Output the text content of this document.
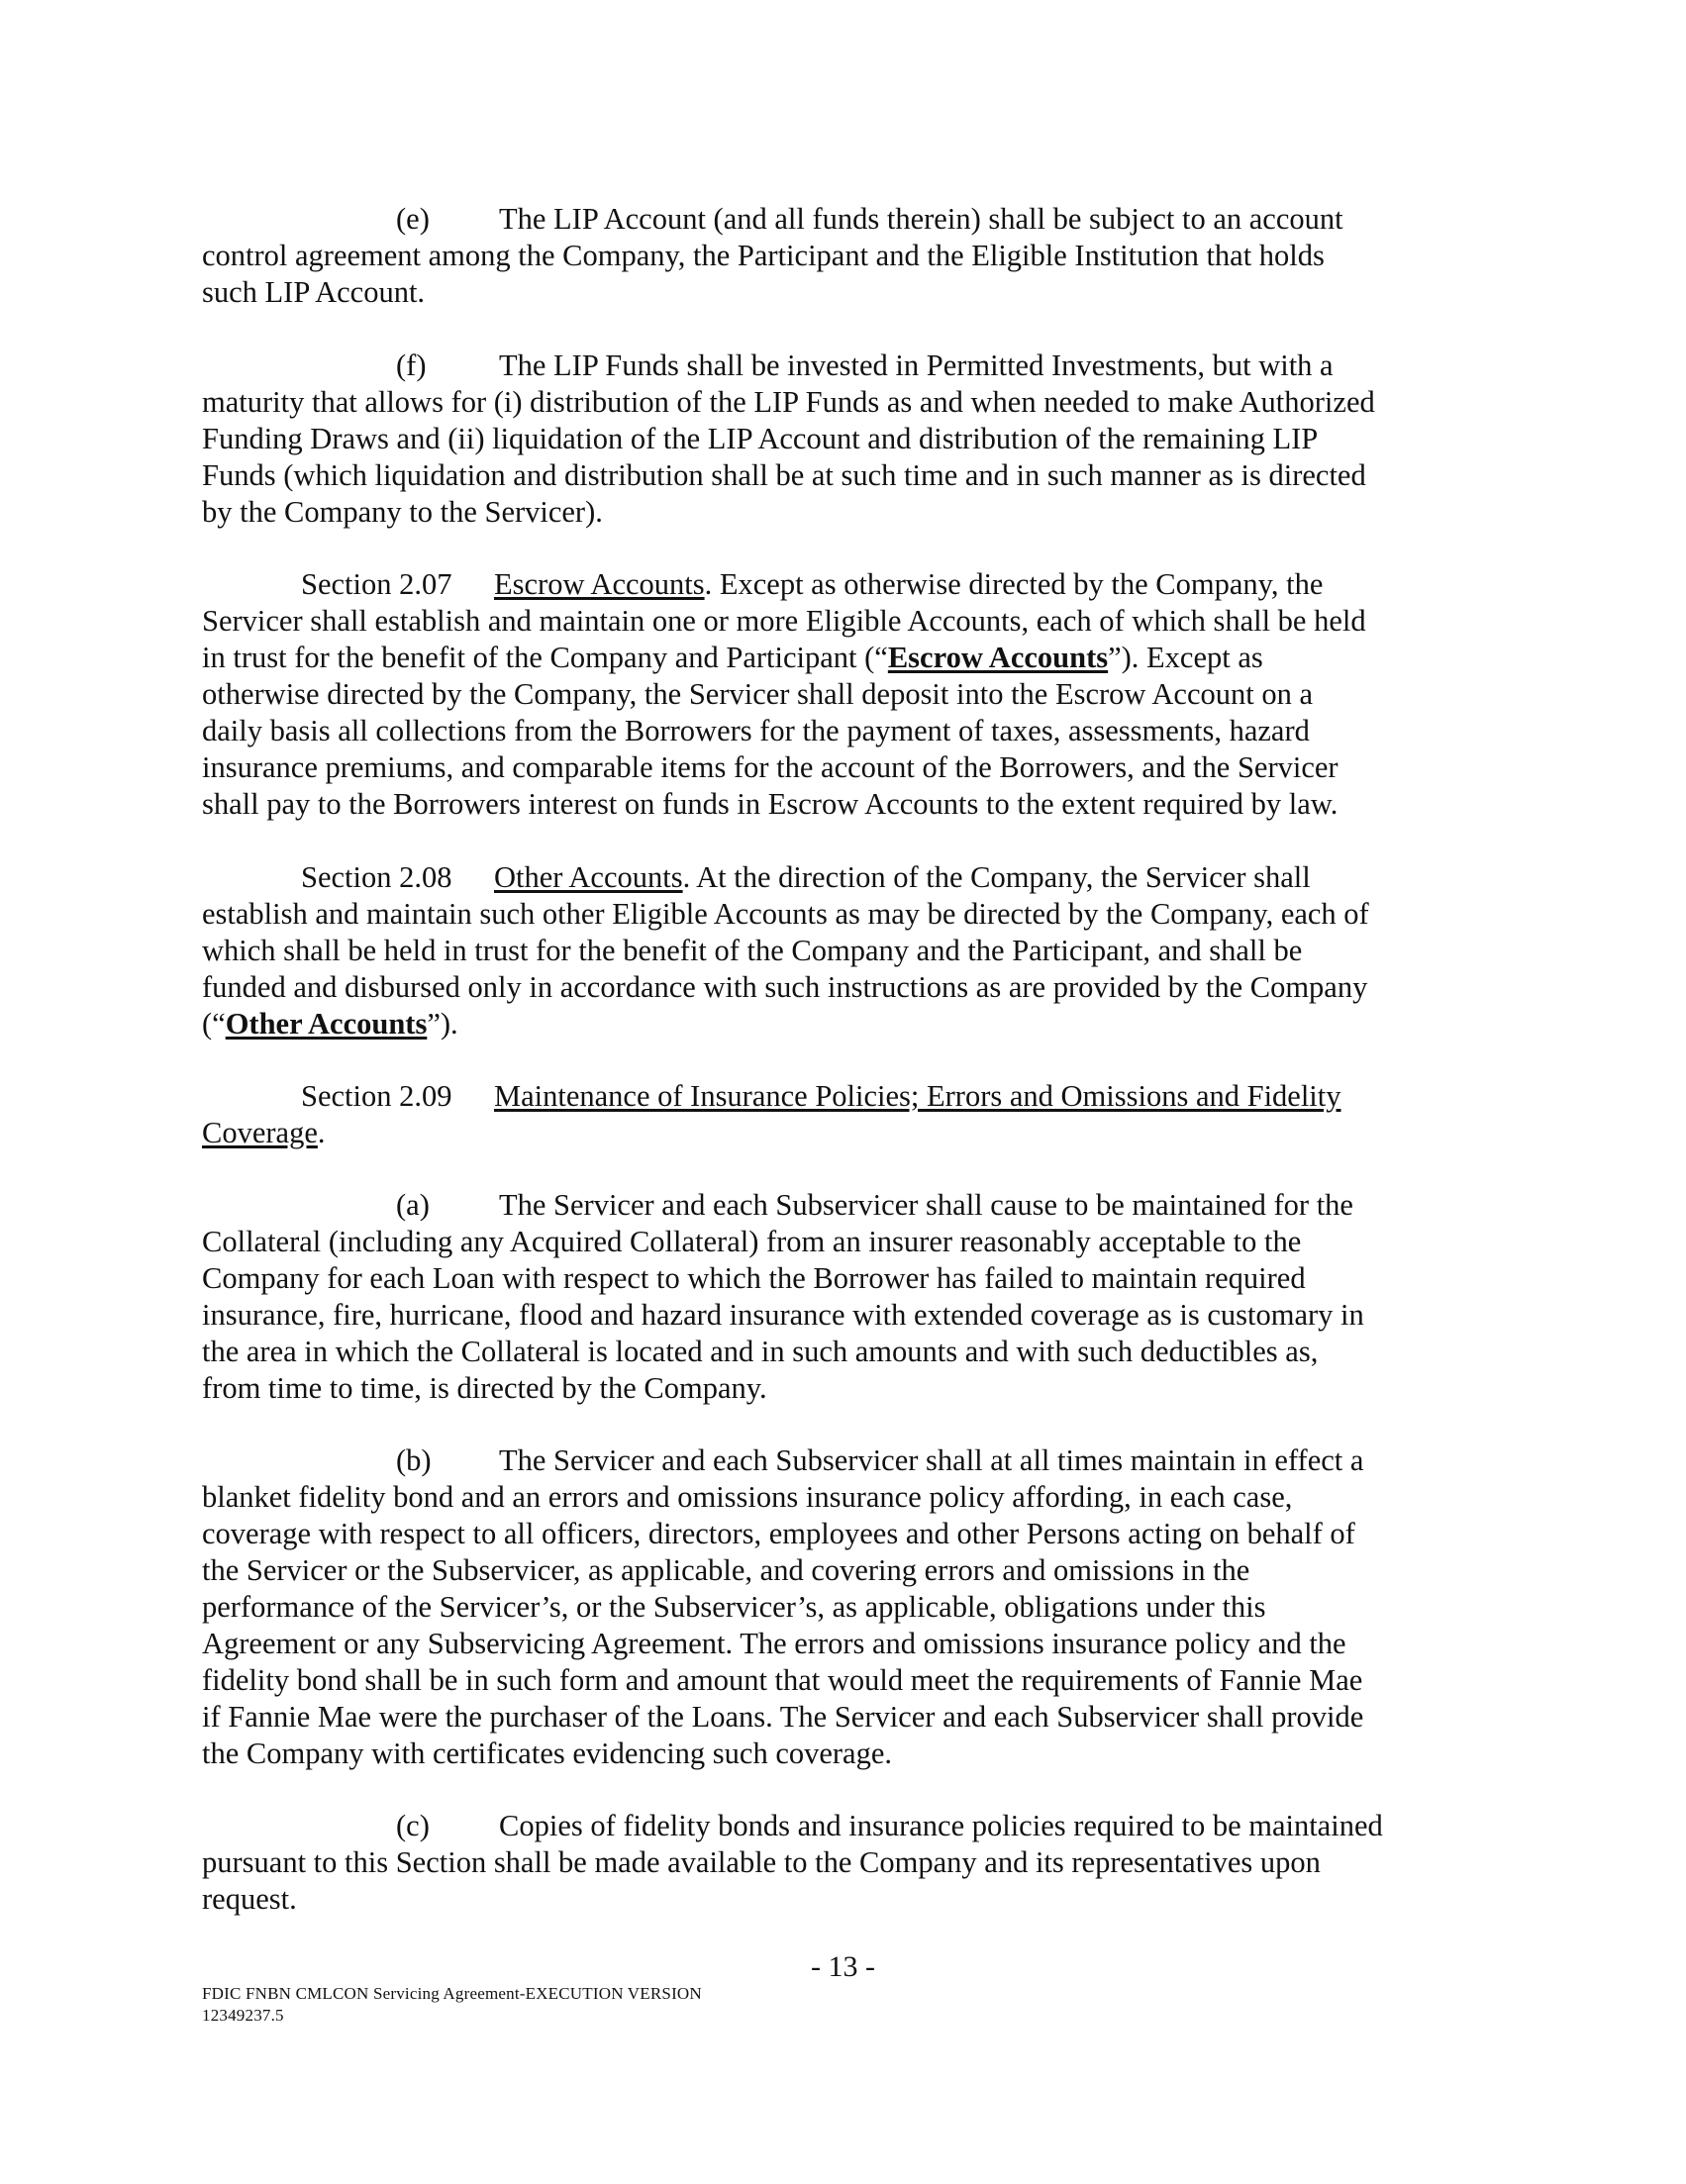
(e) The LIP Account (and all funds therein) shall be subject to an account
control agreement among the Company, the Participant and the Eligible Institution that holds
such LIP Account.

(f) The LIP Funds shall be invested in Permitted Investments, but with a
maturity that allows for (i) distribution of the LIP Funds as and when needed to make Authorized
Funding Draws and (ii) liquidation of the LIP Account and distribution of the remaining LIP
Funds (which liquidation and distribution shall be at such time and in such manner as is directed
by the Company to the Servicer).

Section 2.07 Escrow Accounts. Except as otherwise directed by the Company, the
Servicer shall establish and maintain one or more Eligible Accounts, each of which shall be held
in trust for the benefit of the Company and Participant (“Escrow Accounts”). Except as
otherwise directed by the Company, the Servicer shall deposit into the Escrow Account on a
daily basis all collections from the Borrowers for the payment of taxes, assessments, hazard
insurance premiums, and comparable items for the account of the Borrowers, and the Servicer
shall pay to the Borrowers interest on funds in Escrow Accounts to the extent required by law.

Section 2.08 Other Accounts. At the direction of the Company, the Servicer shall
establish and maintain such other Eligible Accounts as may be directed by the Company, each of
which shall be held in trust for the benefit of the Company and the Participant, and shall be
funded and disbursed only in accordance with such instructions as are provided by the Company
(“Other Accounts”).

Section 2.09 Maintenance of Insurance Policies; Errors and Omissions and Fidelity
Coverage.

(a) The Servicer and each Subservicer shall cause to be maintained for the
Collateral (including any Acquired Collateral) from an insurer reasonably acceptable to the
Company for each Loan with respect to which the Borrower has failed to maintain required
insurance, fire, hurricane, flood and hazard insurance with extended coverage as is customary in
the area in which the Collateral is located and in such amounts and with such deductibles as,
from time to time, is directed by the Company.

(b) The Servicer and each Subservicer shall at all times maintain in effect a
blanket fidelity bond and an errors and omissions insurance policy affording, in each case,
coverage with respect to all officers, directors, employees and other Persons acting on behalf of
the Servicer or the Subservicer, as applicable, and covering errors and omissions in the
performance of the Servicer’s, or the Subservicer’s, as applicable, obligations under this
Agreement or any Subservicing Agreement. The errors and omissions insurance policy and the
fidelity bond shall be in such form and amount that would meet the requirements of Fannie Mae
if Fannie Mae were the purchaser of the Loans. The Servicer and each Subservicer shall provide
the Company with certificates evidencing such coverage.

(c) Copies of fidelity bonds and insurance policies required to be maintained
pursuant to this Section shall be made available to the Company and its representatives upon
request.

- 13 -
FDIC FNBN CMLCON Servicing Agreement-EXECUTION VERSION
12349237.5
